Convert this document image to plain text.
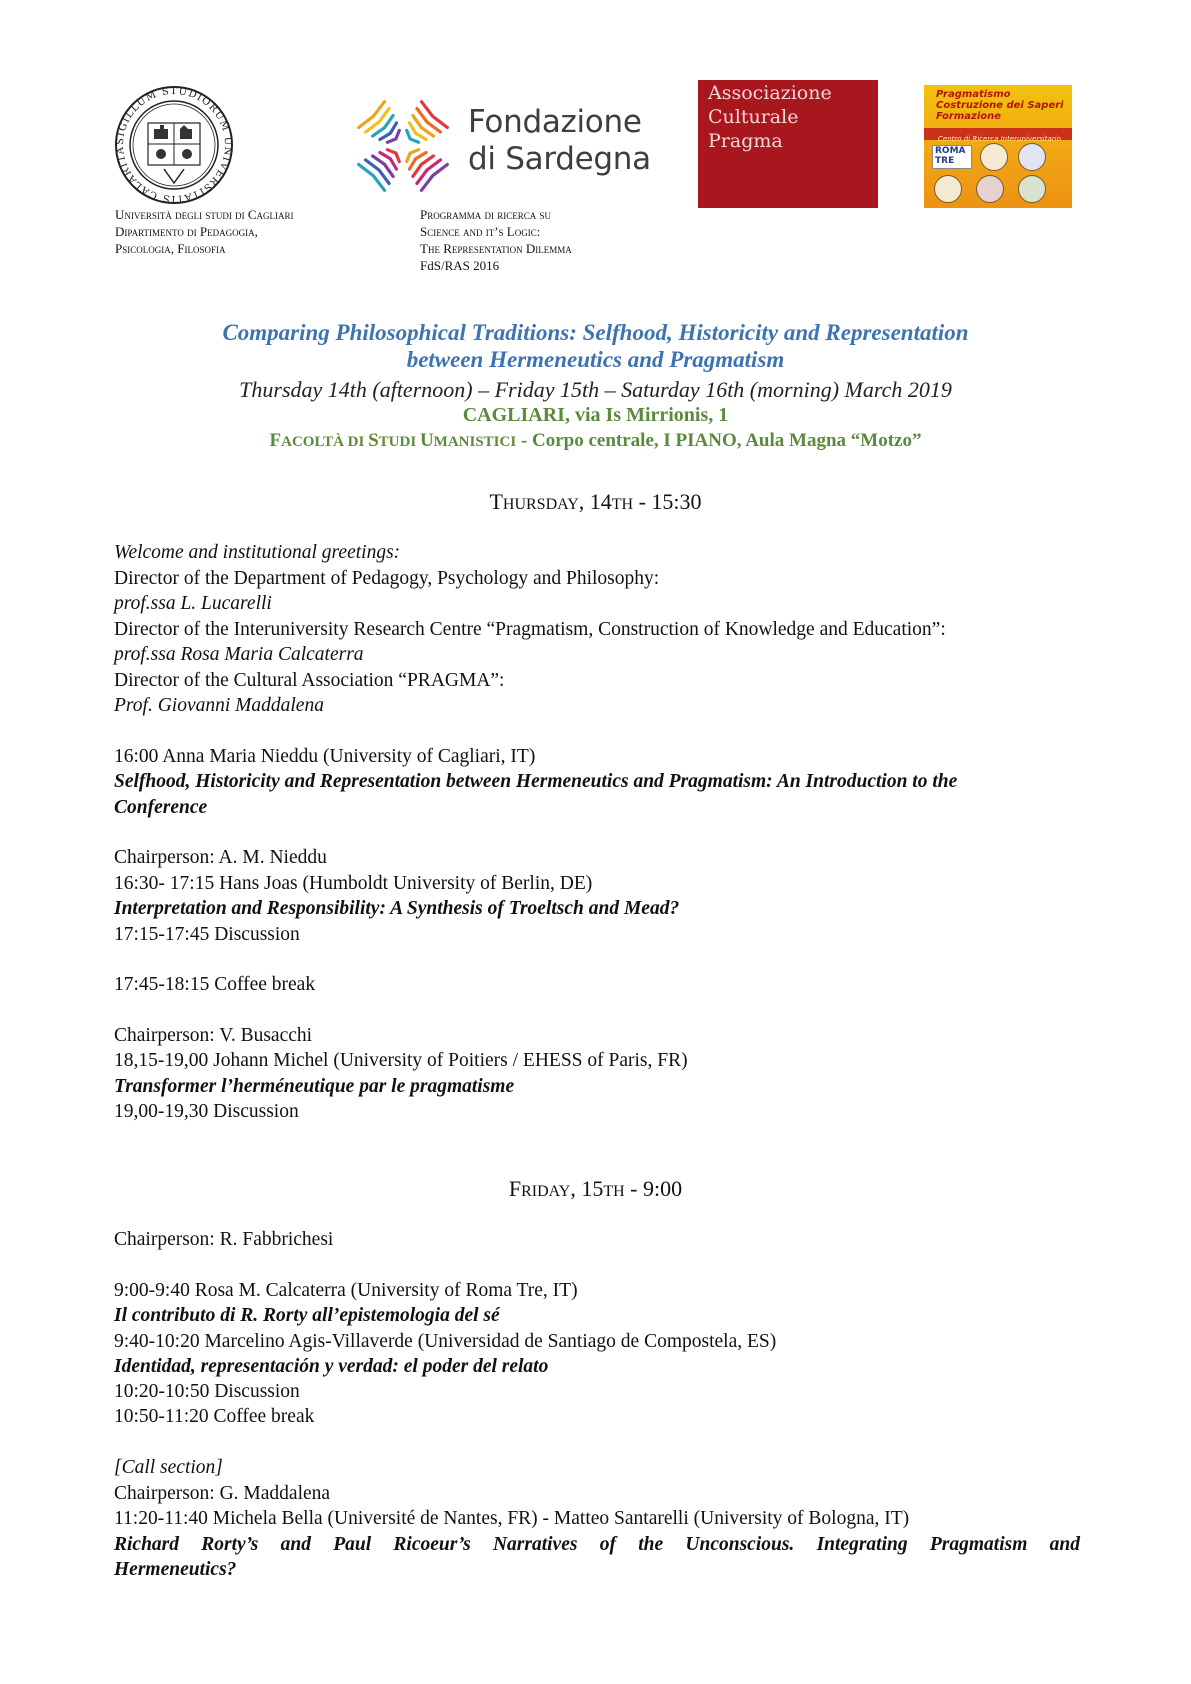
SIGILLUM STUDIORUM UNIVERSITATIS CALARITA
Fondazione
di Sardegna
Associazione
Culturale
Pragma
Pragmatismo
Costruzione dei Saperi
Formazione
Centro di Ricerca Interuniversitario
ROMA TRE
Università degli studi di Cagliari
Dipartimento di Pedagogia,
Psicologia, Filosofia
Programma di ricerca su
Science and it’s Logic:
The Representation Dilemma
FdS/RAS 2016
Comparing Philosophical Traditions: Selfhood, Historicity and Representation
between Hermeneutics and Pragmatism
Thursday 14th (afternoon) – Friday 15th – Saturday 16th (morning) March 2019
CAGLIARI, via Is Mirrionis, 1
FACOLTÀ DI STUDI UMANISTICI - Corpo centrale, I PIANO, Aula Magna “Motzo”
THURSDAY, 14TH - 15:30
Welcome and institutional greetings:
Director of the Department of Pedagogy, Psychology and Philosophy:
prof.ssa L. Lucarelli
Director of the Interuniversity Research Centre “Pragmatism, Construction of Knowledge and Education”:
prof.ssa Rosa Maria Calcaterra
Director of the Cultural Association “PRAGMA”:
Prof. Giovanni Maddalena
16:00 Anna Maria Nieddu (University of Cagliari, IT)
Selfhood, Historicity and Representation between Hermeneutics and Pragmatism: An Introduction to the
Conference
Chairperson: A. M. Nieddu
16:30- 17:15 Hans Joas (Humboldt University of Berlin, DE)
Interpretation and Responsibility: A Synthesis of Troeltsch and Mead?
17:15-17:45 Discussion
17:45-18:15 Coffee break
Chairperson: V. Busacchi
18,15-19,00 Johann Michel (University of Poitiers / EHESS of Paris, FR)
Transformer l’herméneutique par le pragmatisme
19,00-19,30 Discussion
FRIDAY, 15TH - 9:00
Chairperson: R. Fabbrichesi
9:00-9:40 Rosa M. Calcaterra (University of Roma Tre, IT)
Il contributo di R. Rorty all’epistemologia del sé
9:40-10:20 Marcelino Agis-Villaverde (Universidad de Santiago de Compostela, ES)
Identidad, representación y verdad: el poder del relato
10:20-10:50 Discussion
10:50-11:20 Coffee break
[Call section]
Chairperson: G. Maddalena
11:20-11:40 Michela Bella (Université de Nantes, FR) - Matteo Santarelli (University of Bologna, IT)
Richard Rorty’s and Paul Ricoeur’s Narratives of the Unconscious. Integrating Pragmatism and
Hermeneutics?
